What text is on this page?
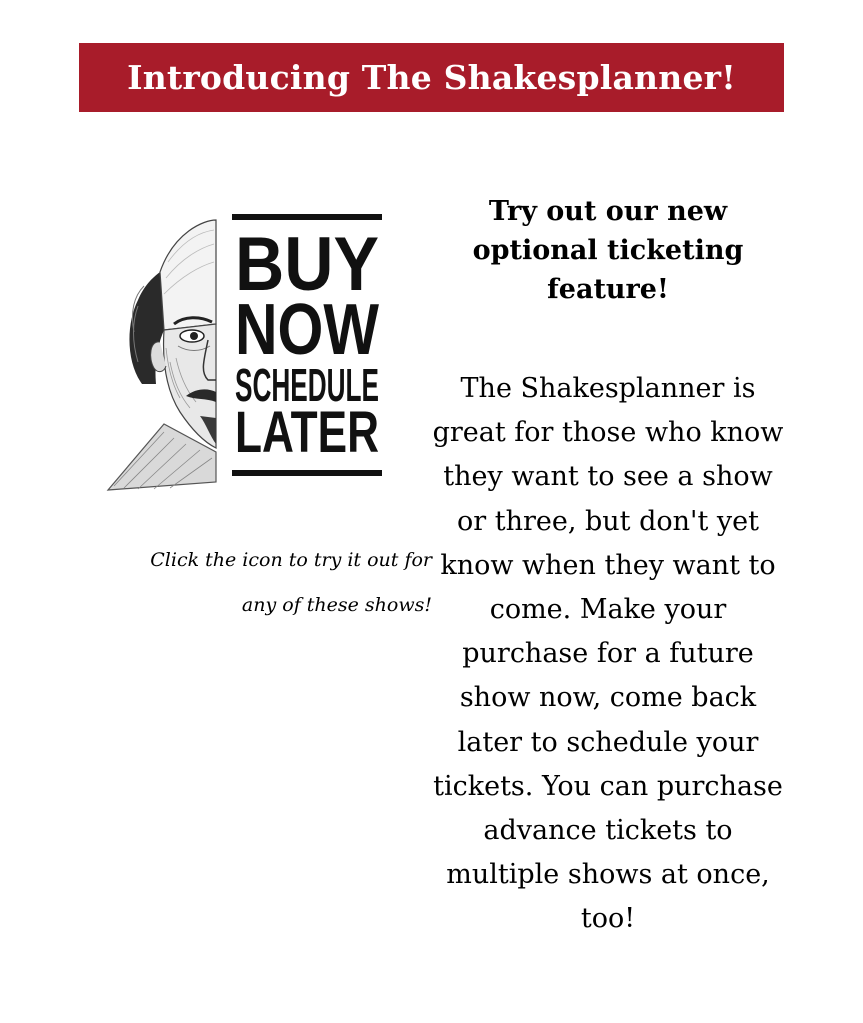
Introducing The Shakesplanner!
BUY
NOW
SCHEDULE
LATER
Click the icon to try it out for
any of these shows!

Try out our new optional ticketing feature!

The Shakesplanner is great for those who know they want to see a show or three, but don't yet know when they want to come. Make your purchase for a future show now, come back later to schedule your tickets. You can purchase advance tickets to multiple shows at once, too!
